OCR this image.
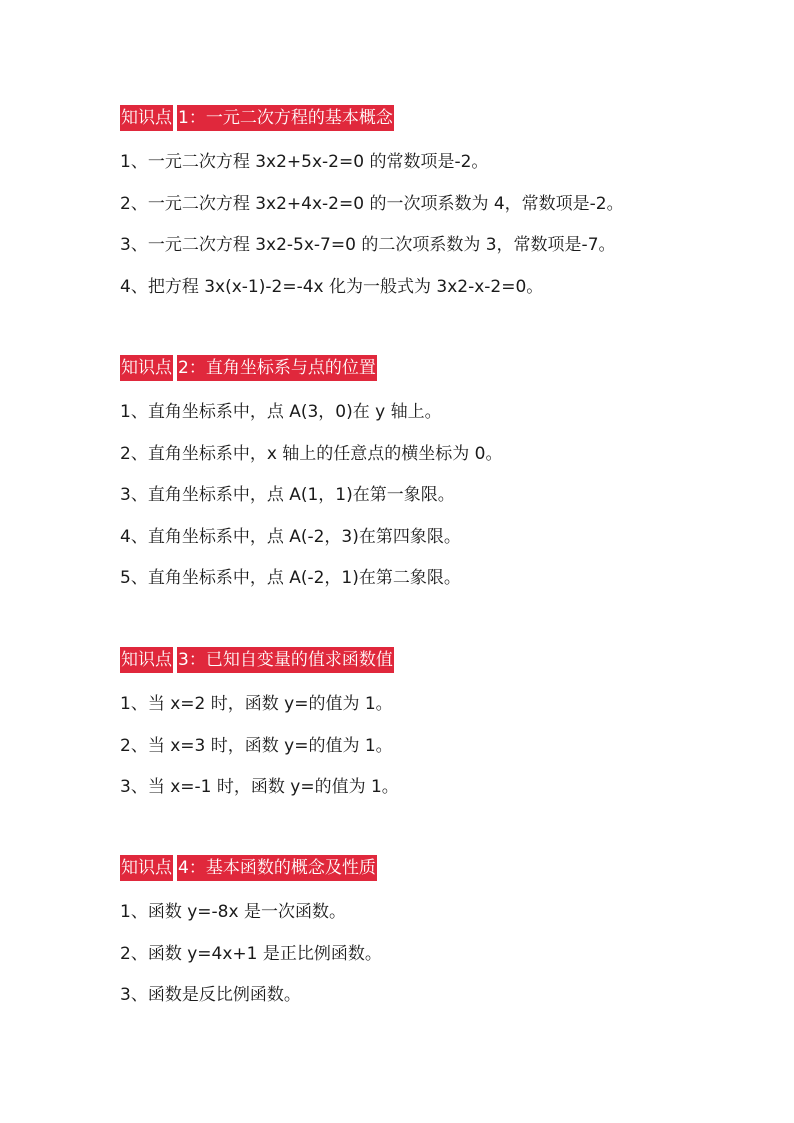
知识点 1：一元二次方程的基本概念
1、一元二次方程 3x2+5x-2=0 的常数项是-2。
2、一元二次方程 3x2+4x-2=0 的一次项系数为 4，常数项是-2。
3、一元二次方程 3x2-5x-7=0 的二次项系数为 3，常数项是-7。
4、把方程 3x(x-1)-2=-4x 化为一般式为 3x2-x-2=0。
知识点 2：直角坐标系与点的位置
1、直角坐标系中，点 A(3，0)在 y 轴上。
2、直角坐标系中，x 轴上的任意点的横坐标为 0。
3、直角坐标系中，点 A(1，1)在第一象限。
4、直角坐标系中，点 A(-2，3)在第四象限。
5、直角坐标系中，点 A(-2，1)在第二象限。
知识点 3：已知自变量的值求函数值
1、当 x=2 时，函数 y=的值为 1。
2、当 x=3 时，函数 y=的值为 1。
3、当 x=-1 时，函数 y=的值为 1。
知识点 4：基本函数的概念及性质
1、函数 y=-8x 是一次函数。
2、函数 y=4x+1 是正比例函数。
3、函数是反比例函数。
